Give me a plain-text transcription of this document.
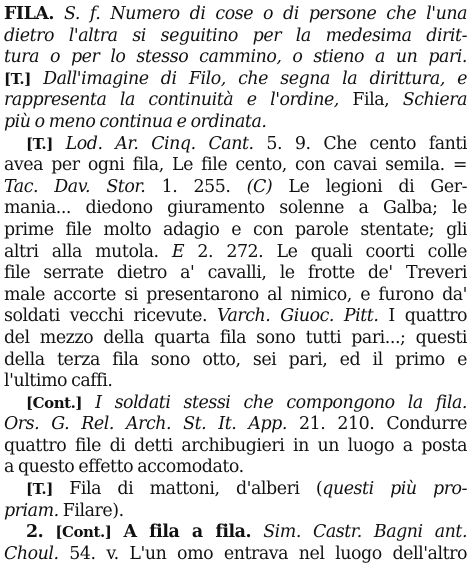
FILA. S. f. Numero di cose o di persone che l'una
dietro l'altra si seguitino per la medesima dirit-
tura o per lo stesso cammino, o stieno a un pari.
[T.] Dall'imagine di Filo, che segna la dirittura, e
rappresenta la continuità e l'ordine, Fila, Schiera
più o meno continua e ordinata.
[T.] Lod. Ar. Cinq. Cant. 5. 9. Che cento fanti
avea per ogni fila, Le file cento, con cavai semila. =
Tac. Dav. Stor. 1. 255. (C) Le legioni di Ger-
mania... diedono giuramento solenne a Galba; le
prime file molto adagio e con parole stentate; gli
altri alla mutola. E 2. 272. Le quali coorti colle
file serrate dietro a' cavalli, le frotte de' Treveri
male accorte si presentarono al nimico, e furono da'
soldati vecchi ricevute. Varch. Giuoc. Pitt. I quattro
del mezzo della quarta fila sono tutti pari...; questi
della terza fila sono otto, sei pari, ed il primo e
l'ultimo caffi.
[Cont.] I soldati stessi che compongono la fila.
Ors. G. Rel. Arch. St. It. App. 21. 210. Condurre
quattro file di detti archibugieri in un luogo a posta
a questo effetto accomodato.
[T.] Fila di mattoni, d'alberi (questi più pro-
priam. Filare).
2. [Cont.] A fila a fila. Sim. Castr. Bagni ant.
Choul. 54. v. L'un omo entrava nel luogo dell'altro
